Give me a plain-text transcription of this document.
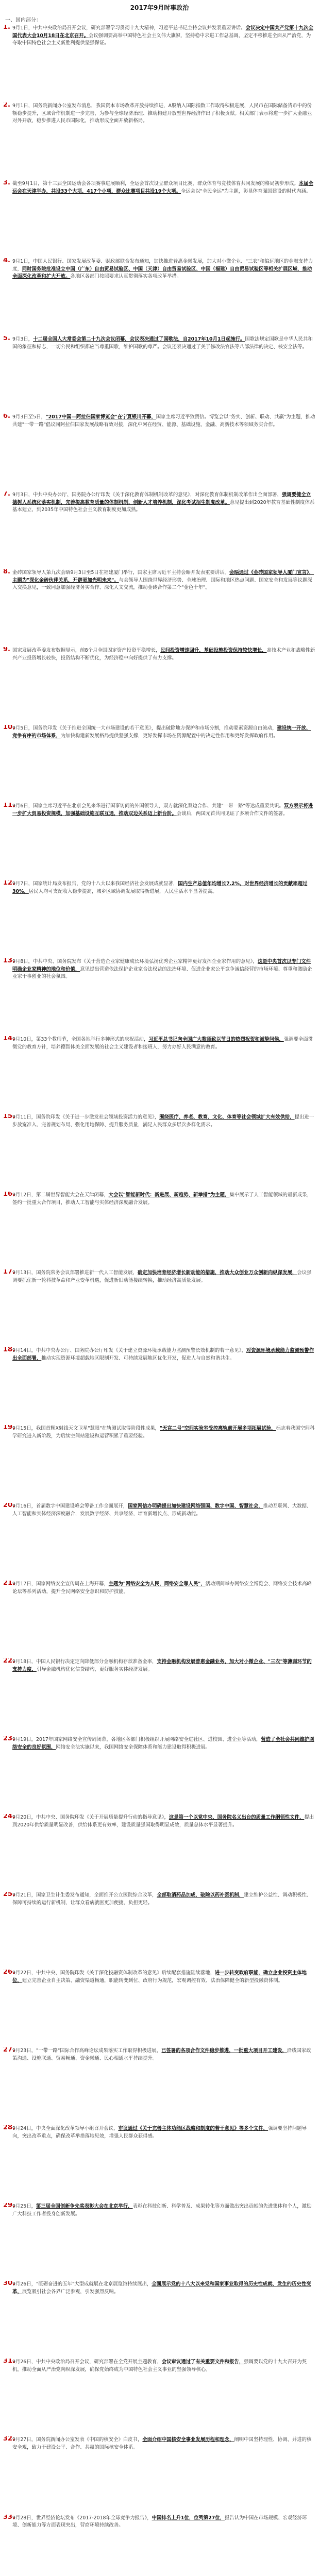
2017年9月时事政治
一、国内部分：
1. 9月1日，中共中央政治局召开会议，研究部署学习贯彻十九大精神，习近平总书记主持会议并发表重要讲话。会议决定中国共产党第十九次全国代表大会10月18日在北京召开。会议强调要高举中国特色社会主义伟大旗帜，坚持稳中求进工作总基调，坚定不移推进全面从严治党，为夺取中国特色社会主义新胜利提供坚强保证。
2. 9月1日，国务院新闻办公室发布消息，我国资本市场改革开放持续推进，A股纳入国际指数工作取得积极进展，人民币在国际储备货币中的份额稳步提升，区域合作机制进一步完善，为参与全球经济治理、推动构建开放型世界经济作出了积极贡献。相关部门表示将进一步扩大金融业对外开放，稳步推进人民币国际化，推动形成全面开放新格局。
3. 截至9月1日，第十三届全国运动会各项赛事进展顺利，全运会首次设立群众项目比赛，群众体育与竞技体育共同发展的格局初步形成。本届全运会在天津举办，共设33个大项、417个小项，群众比赛项目共设19个大项。全运会以"全民全运"为主题，彰显体育强国建设的时代内涵。
4. 9月1日，中国人民银行、国家发展改革委、财政部联合发布通知，加快推进普惠金融发展，加大对小微企业、"三农"和偏远地区的金融支持力度，同时国务院批准设立中国（广东）自由贸易试验区、中国（天津）自由贸易试验区、中国（福建）自由贸易试验区等相关扩展区域，推动全面深化改革和扩大开放。各地区各部门按照要求认真贯彻落实各项改革举措。
5. 9月3日，十二届全国人大常委会第二十九次会议闭幕，会议表决通过了国歌法，自2017年10月1日起施行。国歌法规定国歌是中华人民共和国的象征和标志，一切公民和组织都应当尊重国歌，维护国歌的尊严。会议还表决通过了关于修改法官法等八部法律的决定、核安全法等。
6. 9月3日至5日，"2017中国—阿拉伯国家博览会"在宁夏银川开幕，国家主席习近平致贺信。博览会以"务实、创新、联动、共赢"为主题，推动共建"一带一路"倡议同阿拉伯国家发展战略有效对接，深化中阿在经贸、能源、基础设施、金融、高新技术等领域务实合作。
7. 9月3日，中共中央办公厅、国务院办公厅印发《关于深化教育体制机制改革的意见》，对深化教育体制机制改革作出全面部署，强调要健全立德树人系统化落实机制，完善提高教育质量的体制机制，创新人才培养机制，深化考试招生制度改革。意见提出到2020年教育基础性制度体系基本建立，到2035年中国特色社会主义教育制度更加成熟。
8. 金砖国家领导人第九次会晤9月3日至5日在福建厦门举行，国家主席习近平主持会晤并发表重要讲话。会晤通过《金砖国家领导人厦门宣言》，主题为"深化金砖伙伴关系，开辟更加光明未来"。与会领导人围绕世界经济形势、全球治理、国际和地区热点问题、国家安全和发展等议题深入交换意见，一致同意加强经济务实合作、深化人文交流，推动金砖合作第二个"金色十年"。
9. 国家发展改革委发布数据显示，前8个月全国固定资产投资平稳增长，民间投资增速回升，基础设施投资保持较快增长，高技术产业和战略性新兴产业投资增长较快，投资结构不断优化，为经济稳中向好提供了有力支撑。
10.
9月5日，国务院印发《关于推进全国统一大市场建设的若干意见》，提出破除地方保护和市场分割，推动要素资源自由流动，建设统一开放、竞争有序的市场体系，为加快构建新发展格局提供坚强支撑，更好发挥市场在资源配置中的决定性作用和更好发挥政府作用。
11.
9月6日，国家主席习近平在北京会见来华进行国事访问的外国领导人，双方就深化双边合作、共建"一带一路"等达成重要共识。双方表示将进一步扩大贸易投资规模，加强基础设施互联互通，推动双边关系迈上新台阶。会谈后，两国元首共同见证了多项合作文件的签署。
12.
9月7日，国家统计局发布报告，党的十八大以来我国经济社会发展成就显著，国内生产总值年均增长7.2%，对世界经济增长的贡献率超过30%，居民人均可支配收入稳步提高，城乡区域协调发展取得新进展，人民生活水平显著提高。
13.
9月8日，中共中央、国务院发布《关于营造企业家健康成长环境弘扬优秀企业家精神更好发挥企业家作用的意见》，这是中央首次以专门文件明确企业家精神的地位和价值，意见提出营造依法保护企业家合法权益的法治环境、促进企业家公平竞争诚信经营的市场环境、尊重和激励企业家干事创业的社会氛围。
14.
9月10日，第33个教师节，全国各地举行多种形式的庆祝活动，习近平总书记向全国广大教师致以节日的热烈祝贺和诚挚问候，强调要全面贯彻党的教育方针，培养德智体美全面发展的社会主义建设者和接班人，努力办好人民满意的教育。
15.
9月11日，国务院印发《关于进一步激发社会领域投资活力的意见》，围绕医疗、养老、教育、文化、体育等社会领域扩大有效供给，提出进一步放宽准入、完善规划布局、强化用地保障、提升服务质量，满足人民群众多层次多样化需求。
16.
9月12日，第二届世界智能大会在天津闭幕，大会以"智能新时代：新进展、新趋势、新举措"为主题，集中展示了人工智能领域的最新成果，签约一批重大合作项目，推动人工智能与实体经济深度融合发展。
17.
9月13日，国务院常务会议部署推进新一代人工智能发展，确定加快培育经济增长新动能的措施，推动大众创业万众创新向纵深发展，会议强调要抓住新一轮科技革命和产业变革机遇，促进新旧动能接续转换，推动经济高质量发展。
18.
9月14日，中共中央办公厅、国务院办公厅印发《关于建立资源环境承载能力监测预警长效机制的若干意见》，对资源环境承载能力监测预警作出全面部署，推动实现资源环境超载地区限制开发、可持续发展地区优化开发，促进人与自然和谐共生。
19.
9月15日，我国首颗X射线天文卫星"慧眼"在轨测试取得阶段性成果，"天宫二号"空间实验室受控离轨前开展多项拓展试验，标志着我国空间科学研究进入新阶段，为后续空间站建设和运营积累了重要经验。
20.
9月16日，首届数字中国建设峰会筹备工作全面展开，国家网信办明确提出加快建设网络强国、数字中国、智慧社会，推动互联网、大数据、人工智能和实体经济深度融合，发展数字经济、共享经济，培育新增长点、形成新动能。
21.
9月17日，国家网络安全宣传周在上海开幕，主题为"网络安全为人民，网络安全靠人民"，活动期间举办网络安全博览会、网络安全技术高峰论坛等系列活动，提升全民网络安全意识和防护技能。
22.
9月18日，中国人民银行决定定向降低部分金融机构存款准备金率，支持金融机构发展普惠金融业务，加大对小微企业、"三农"等薄弱环节的支持力度，引导金融机构优化信贷结构，更好服务实体经济发展。
23.
9月19日，2017年国家网络安全宣传周闭幕，各地区各部门积极组织开展网络安全进社区、进校园、进企业等活动，营造了全社会共同维护网络安全的良好氛围，网络安全法实施以来，我国网络安全保障体系和能力建设取得积极进展。
24.
9月20日，中共中央、国务院印发《关于开展质量提升行动的指导意见》，这是第一个以党中央、国务院名义出台的质量工作纲领性文件，提出到2020年供给质量明显改善，供给体系更有效率，建设质量强国取得明显成效，质量总体水平显著提升。
25.
9月21日，国家卫生计生委发布通知，全面推开公立医院综合改革，全部取消药品加成，破除以药补医机制，建立维护公益性、调动积极性、保障可持续的运行新机制，让群众看病就医更加便捷、负担更轻。
26.
9月22日，中共中央、国务院印发《关于深化投融资体制改革的意见》后续配套措施陆续落地，进一步转变政府职能，确立企业投资主体地位，建立完善企业自主决策、融资渠道畅通，职能转变到位、政府行为规范，宏观调控有效、法治保障健全的新型投融资体制。
27.
9月23日，"一带一路"国际合作高峰论坛成果落实工作取得积极进展，已签署的各项合作文件稳步推进，一批重大项目开工建设，沿线国家政策沟通、设施联通、贸易畅通、资金融通、民心相通水平持续提升。
28.
9月24日，中央全面深化改革领导小组召开会议，审议通过《关于完善主体功能区战略和制度的若干意见》等多个文件，强调要坚持问题导向，突出改革重点，确保改革举措落地见效，增强人民群众获得感。
29.
9月25日，第三届全国创新争先奖表彰大会在北京举行，表彰在科技创新、科学普及、成果转化等方面做出突出贡献的先进集体和个人，激励广大科技工作者投身创新发展。
30.
9月26日，"砥砺奋进的五年"大型成就展在北京展览馆持续展出，全面展示党的十八大以来党和国家事业取得的历史性成就、发生的历史性变革，展览吸引社会各界广泛参观，引发强烈反响。
31.
9月26日，中共中央政治局召开会议，研究部署在全党开展主题教育，会议审议通过了有关重要文件和报告，强调要以党的十九大召开为契机，推动全面从严治党向纵深发展，确保党始终成为中国特色社会主义事业的坚强领导核心。
32.
9月27日，国务院新闻办公室发表《中国的核安全》白皮书，全面介绍中国核安全事业发展历程和理念，阐明中国坚持理性、协调、并进的核安全观，致力于建设公平、合作、共赢的国际核安全体系。
33.
9月28日，世界经济论坛发布《2017-2018年全球竞争力报告》，中国排名上升1位，位列第27位，报告认为中国在市场规模、宏观经济环境、创新能力等方面表现突出，营商环境持续改善。
